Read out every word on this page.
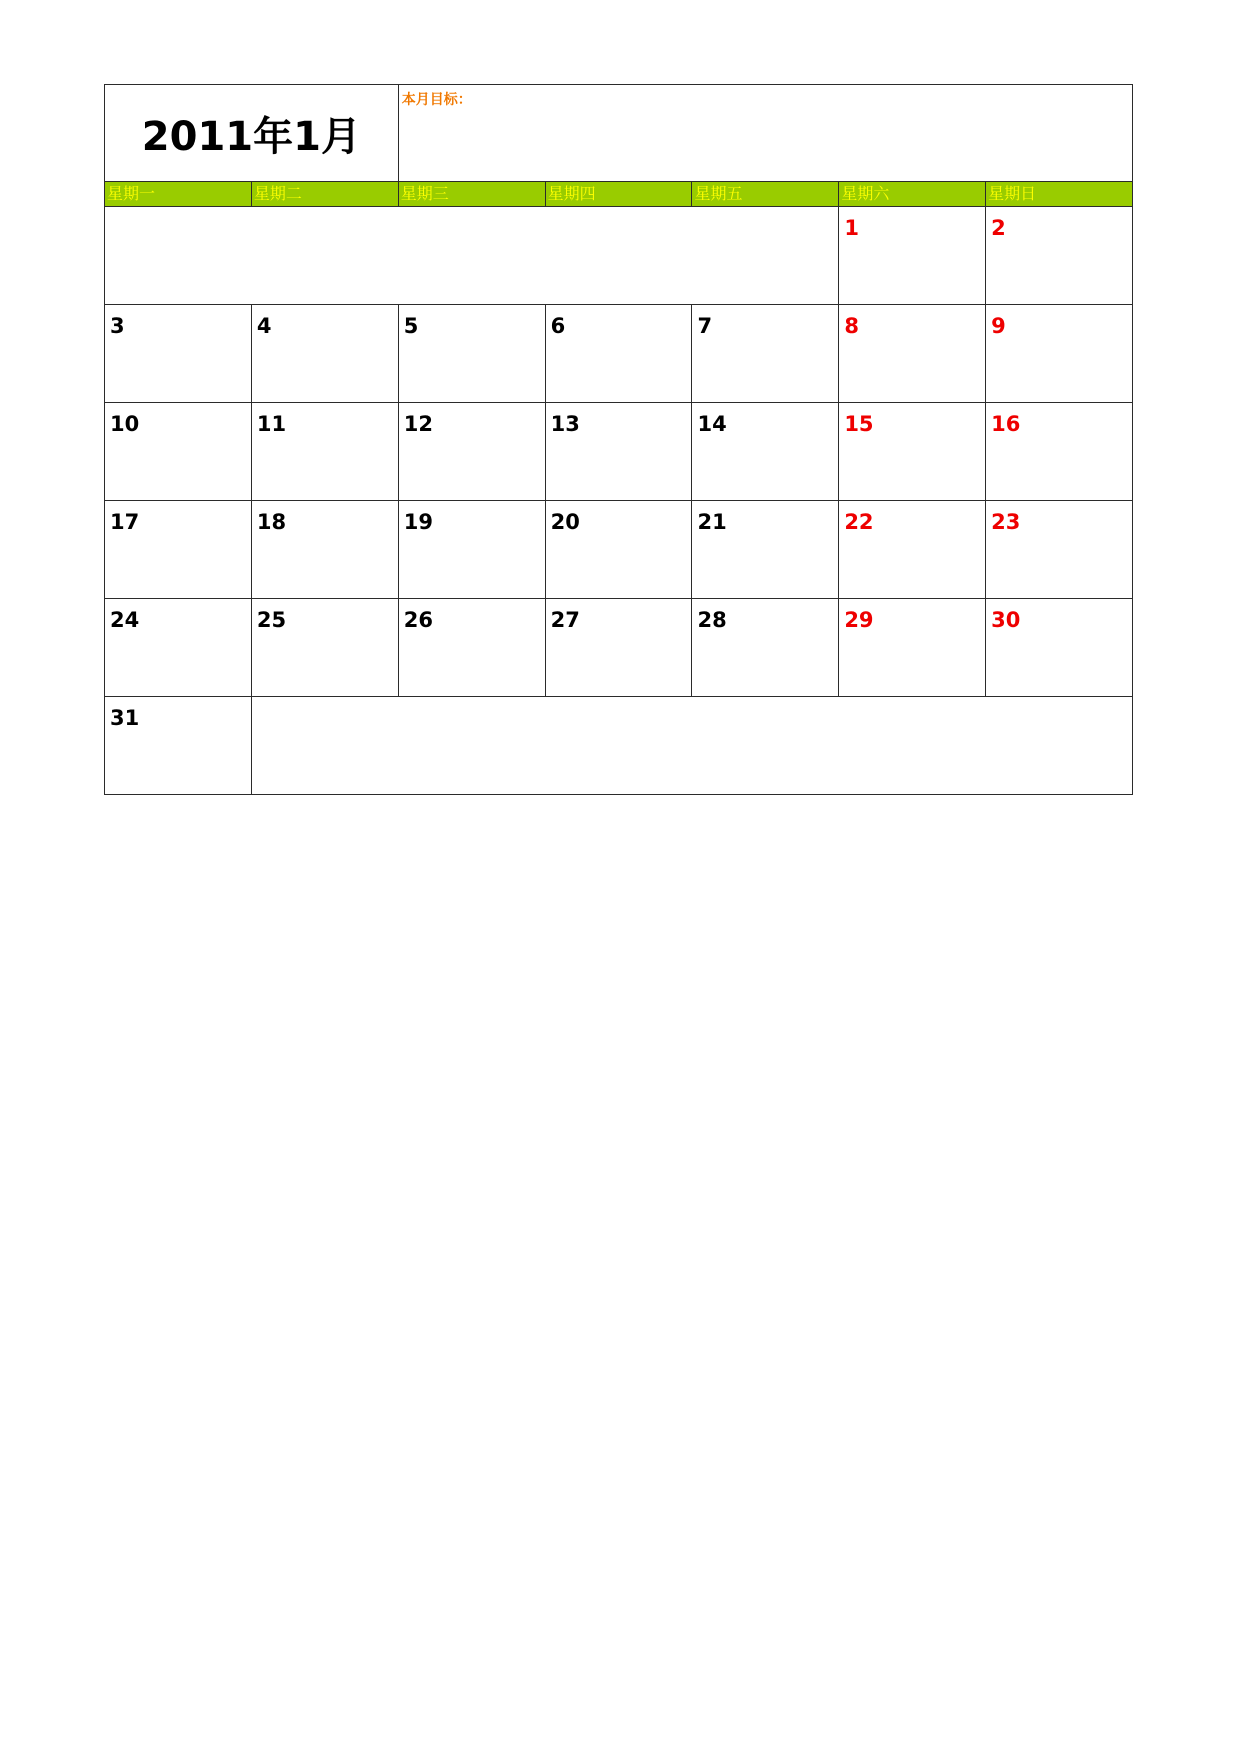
2011年1月		本月目标：				

星期一	星期二	星期三	星期四	星期五	星期六	星期日

					1	2

3	4	5	6	7	8	9

10	11	12	13	14	15	16

17	18	19	20	21	22	23

24	25	26	27	28	29	30

31						
